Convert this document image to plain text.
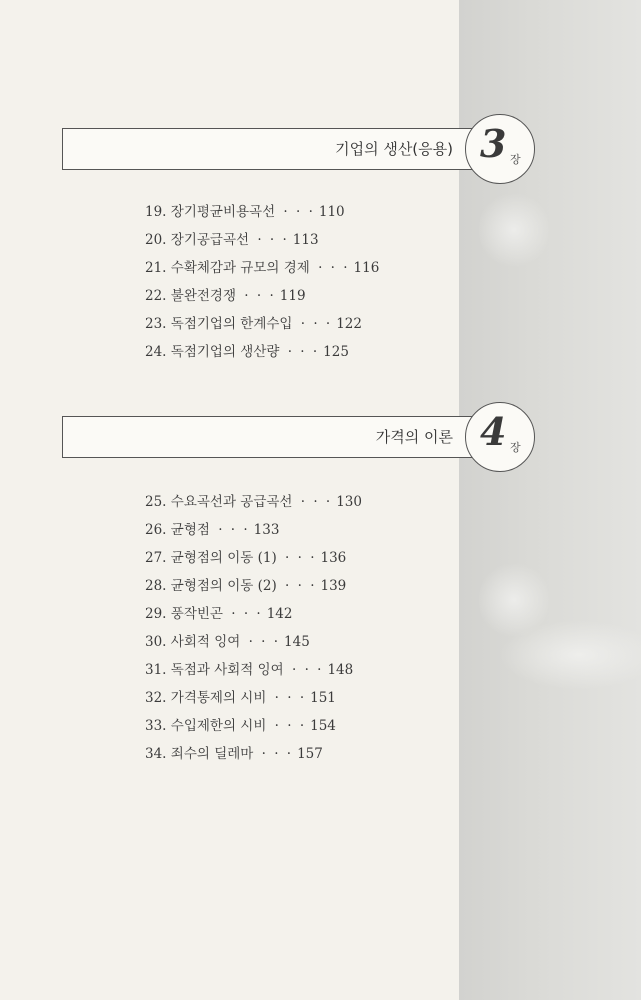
기업의 생산(응용) 3 장
19. 장기평균비용곡선 · · · 110
20. 장기공급곡선 · · · 113
21. 수확체감과 규모의 경제 · · · 116
22. 불완전경쟁 · · · 119
23. 독점기업의 한계수입 · · · 122
24. 독점기업의 생산량 · · · 125
가격의 이론 4 장
25. 수요곡선과 공급곡선 · · · 130
26. 균형점 · · · 133
27. 균형점의 이동 (1) · · · 136
28. 균형점의 이동 (2) · · · 139
29. 풍작빈곤 · · · 142
30. 사회적 잉여 · · · 145
31. 독점과 사회적 잉여 · · · 148
32. 가격통제의 시비 · · · 151
33. 수입제한의 시비 · · · 154
34. 죄수의 딜레마 · · · 157
